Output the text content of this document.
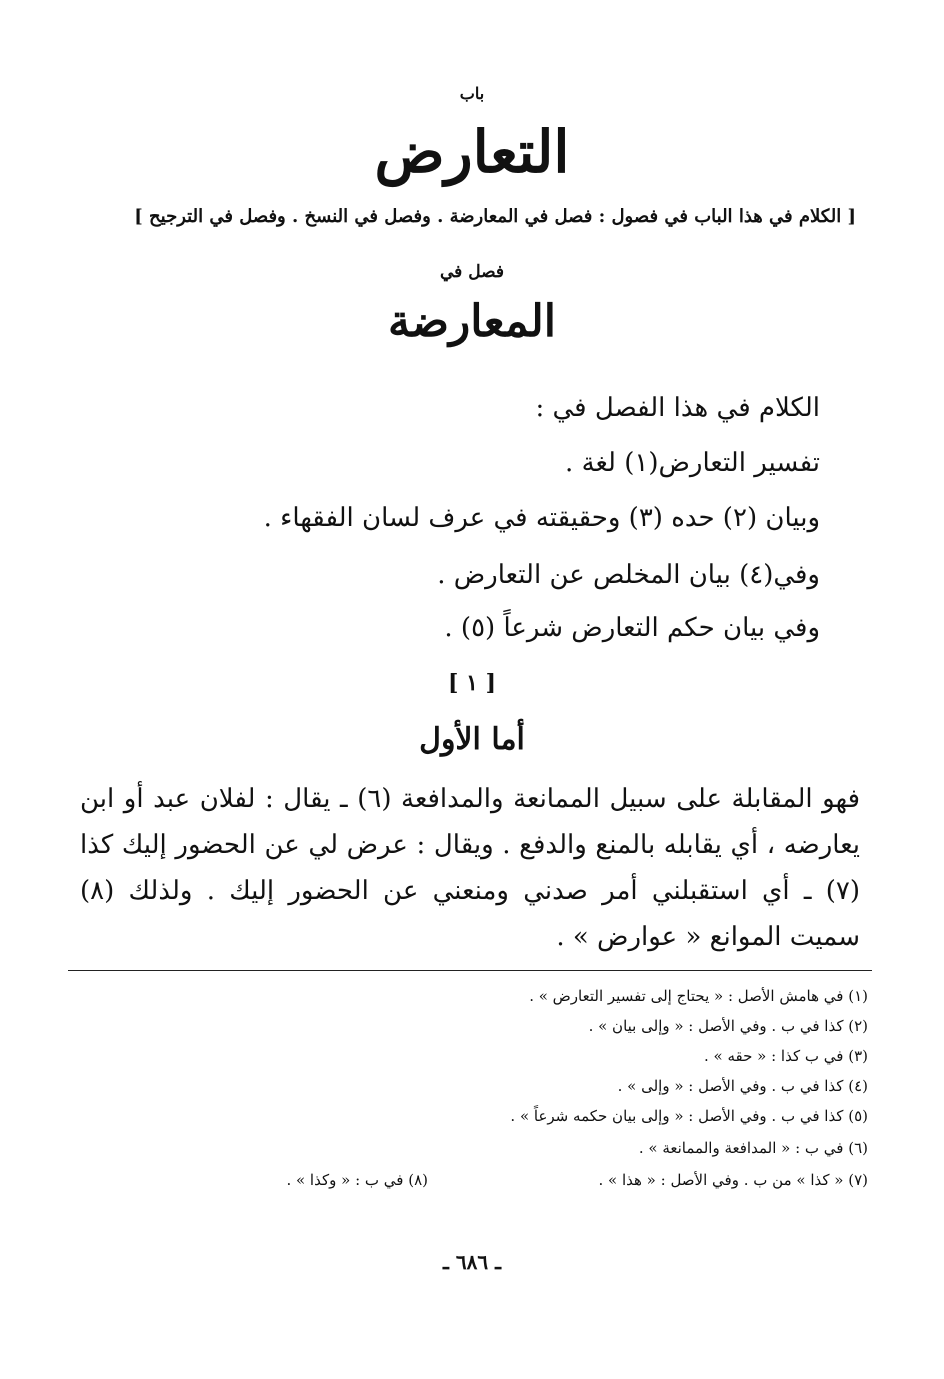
باب
التعارض
[ الكلام في هذا الباب في فصول : فصل في المعارضة . وفصل في النسخ . وفصل في الترجيح ]
فصل في
المعارضة
الكلام في هذا الفصل في :
تفسير التعارض(١) لغة .
وبيان (٢) حده (٣) وحقيقته في عرف لسان الفقهاء .
وفي(٤) بيان المخلص عن التعارض .
وفي بيان حكم التعارض شرعاً (٥) .
[ ١ ]
أما الأول
فهو المقابلة على سبيل الممانعة والمدافعة (٦) ـ يقال : لفلان عبد أو ابن يعارضه ، أي يقابله بالمنع والدفع . ويقال : عرض لي عن الحضور إليك كذا (٧) ـ أي استقبلني أمر صدني ومنعني عن الحضور إليك . ولذلك (٨) سميت الموانع « عوارض » .
(١) في هامش الأصل : « يحتاج إلى تفسير التعارض » .
(٢) كذا في ب . وفي الأصل : « وإلى بيان » .
(٣) في ب كذا : « حقه » .
(٤) كذا في ب . وفي الأصل : « وإلى » .
(٥) كذا في ب . وفي الأصل : « وإلى بيان حكمه شرعاً » .
(٦) في ب : « المدافعة والممانعة » .
(٧) « كذا » من ب . وفي الأصل : « هذا » .
(٨) في ب : « وكذا » .
ـ ٦٨٦ ـ
